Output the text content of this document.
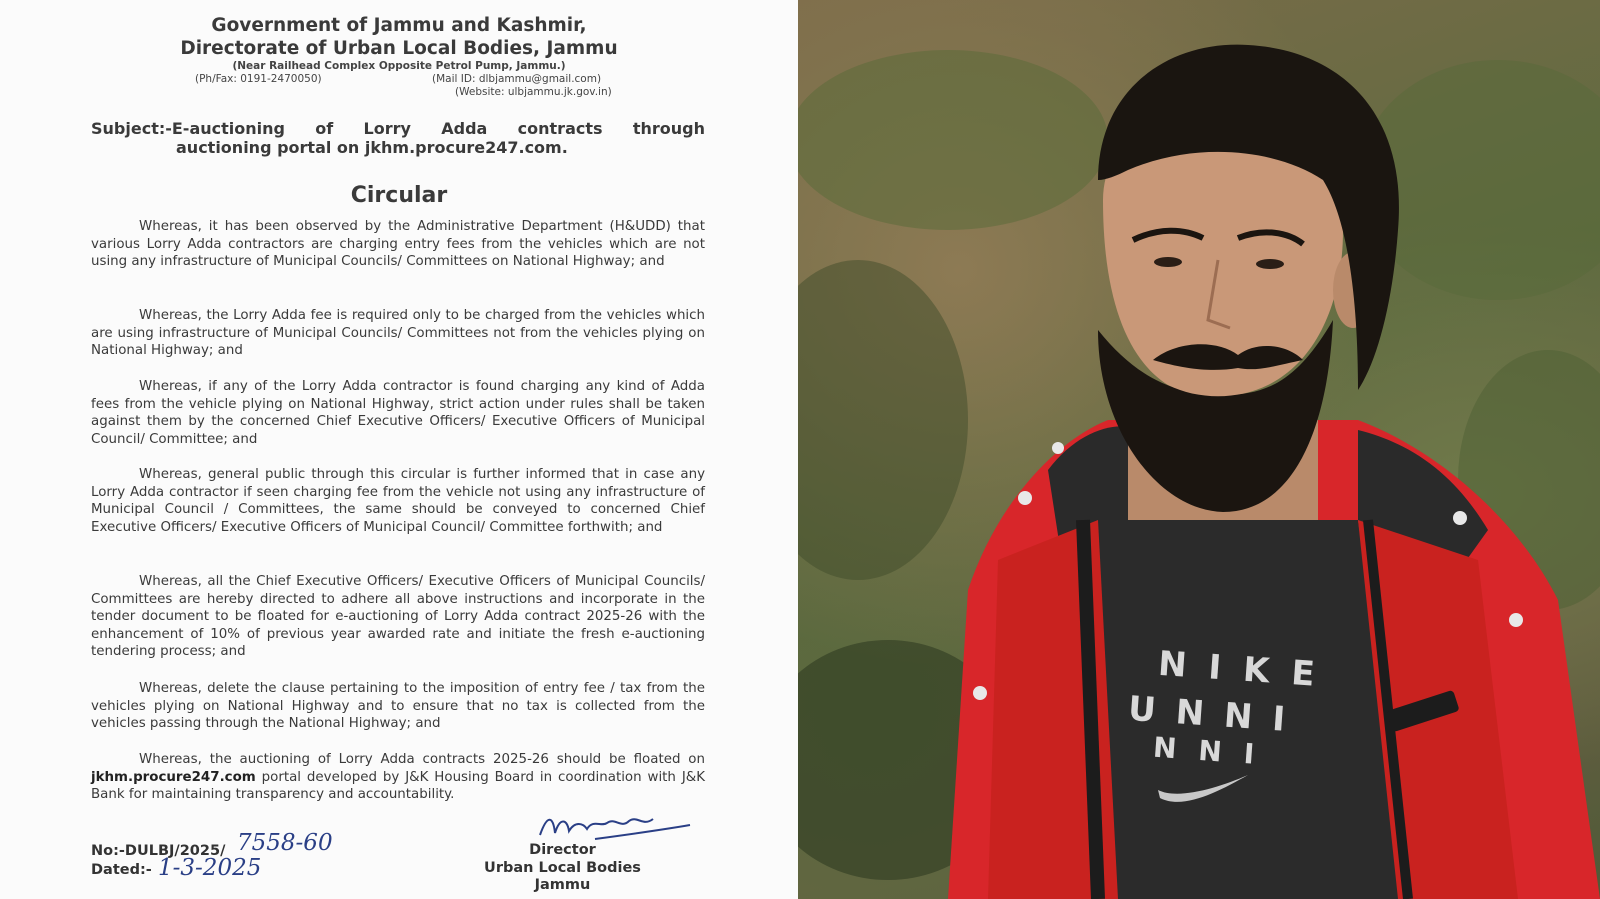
Government of Jammu and Kashmir,
Directorate of Urban Local Bodies, Jammu
(Near Railhead Complex Opposite Petrol Pump, Jammu.)
(Ph/Fax: 0191-2470050)	(Mail ID: dlbjammu@gmail.com)
(Website: ulbjammu.jk.gov.in)
Subject:-E-auctioning of Lorry Adda contracts through
auctioning portal on jkhm.procure247.com.
Circular
Whereas, it has been observed by the Administrative Department (H&UDD) that various Lorry Adda contractors are charging entry fees from the vehicles which are not using any infrastructure of Municipal Councils/ Committees on National Highway; and
Whereas, the Lorry Adda fee is required only to be charged from the vehicles which are using infrastructure of Municipal Councils/ Committees not from the vehicles plying on National Highway; and
Whereas, if any of the Lorry Adda contractor is found charging any kind of Adda fees from the vehicle plying on National Highway, strict action under rules shall be taken against them by the concerned Chief Executive Officers/ Executive Officers of Municipal Council/ Committee; and
Whereas, general public through this circular is further informed that in case any Lorry Adda contractor if seen charging fee from the vehicle not using any infrastructure of Municipal Council / Committees, the same should be conveyed to concerned Chief Executive Officers/ Executive Officers of Municipal Council/ Committee forthwith; and
Whereas, all the Chief Executive Officers/ Executive Officers of Municipal Councils/ Committees are hereby directed to adhere all above instructions and incorporate in the tender document to be floated for e-auctioning of Lorry Adda contract 2025-26 with the enhancement of 10% of previous year awarded rate and initiate the fresh e-auctioning tendering process; and
Whereas, delete the clause pertaining to the imposition of entry fee / tax from the vehicles plying on National Highway and to ensure that no tax is collected from the vehicles passing through the National Highway; and
Whereas, the auctioning of Lorry Adda contracts 2025-26 should be floated on jkhm.procure247.com portal developed by J&K Housing Board in coordination with J&K Bank for maintaining transparency and accountability.
No:-DULBJ/2025/ 7558-60
Dated:- 1-3-2025
Director
Urban Local Bodies
Jammu
NIKE
UNNI
NNI
